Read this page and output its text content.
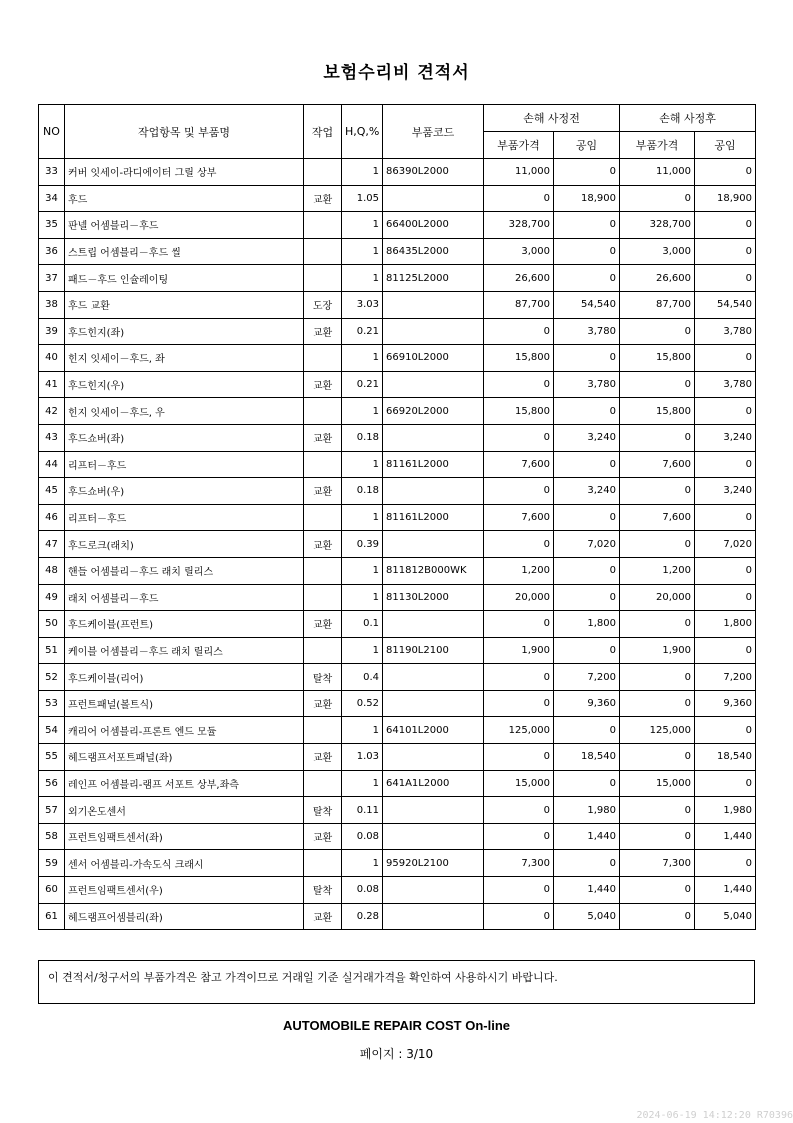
보험수리비 견적서
NO	작업항목 및 부품명	작업	H,Q,%	부품코드	손해 사정전		손해 사정후	
					부품가격	공임	부품가격	공임
33	커버 잇세이-라디에이터 그릴 상부		1	86390L2000	11,000	0	11,000	0
34	후드	교환	1.05		0	18,900	0	18,900
35	판넬 어셈블리－후드		1	66400L2000	328,700	0	328,700	0
36	스트립 어셈블리－후드 씰		1	86435L2000	3,000	0	3,000	0
37	패드－후드 인슐레이팅		1	81125L2000	26,600	0	26,600	0
38	후드 교환	도장	3.03		87,700	54,540	87,700	54,540
39	후드힌지(좌)	교환	0.21		0	3,780	0	3,780
40	힌지 잇세이－후드, 좌		1	66910L2000	15,800	0	15,800	0
41	후드힌지(우)	교환	0.21		0	3,780	0	3,780
42	힌지 잇세이－후드, 우		1	66920L2000	15,800	0	15,800	0
43	후드쇼버(좌)	교환	0.18		0	3,240	0	3,240
44	리프터－후드		1	81161L2000	7,600	0	7,600	0
45	후드쇼버(우)	교환	0.18		0	3,240	0	3,240
46	리프터－후드		1	81161L2000	7,600	0	7,600	0
47	후드로크(래치)	교환	0.39		0	7,020	0	7,020
48	핸들 어셈블리－후드 래치 릴리스		1	811812B000WK	1,200	0	1,200	0
49	래치 어셈블리－후드		1	81130L2000	20,000	0	20,000	0
50	후드케이블(프런트)	교환	0.1		0	1,800	0	1,800
51	케이블 어셈블리－후드 래치 릴리스		1	81190L2100	1,900	0	1,900	0
52	후드케이블(리어)	탈착	0.4		0	7,200	0	7,200
53	프런트패널(볼트식)	교환	0.52		0	9,360	0	9,360
54	캐리어 어셈블리-프론트 엔드 모듈		1	64101L2000	125,000	0	125,000	0
55	헤드램프서포트패널(좌)	교환	1.03		0	18,540	0	18,540
56	레인프 어셈블리-램프 서포트 상부,좌측		1	641A1L2000	15,000	0	15,000	0
57	외기온도센서	탈착	0.11		0	1,980	0	1,980
58	프런트임팩트센서(좌)	교환	0.08		0	1,440	0	1,440
59	센서 어셈블리-가속도식 크래시		1	95920L2100	7,300	0	7,300	0
60	프런트임팩트센서(우)	탈착	0.08		0	1,440	0	1,440
61	헤드램프어셈블리(좌)	교환	0.28		0	5,040	0	5,040
이 견적서/청구서의 부품가격은 참고 가격이므로 거래일 기준 실거래가격을 확인하여 사용하시기 바랍니다.
AUTOMOBILE REPAIR COST On-line
페이지 : 3/10
2024-06-19 14:12:20 R70396
